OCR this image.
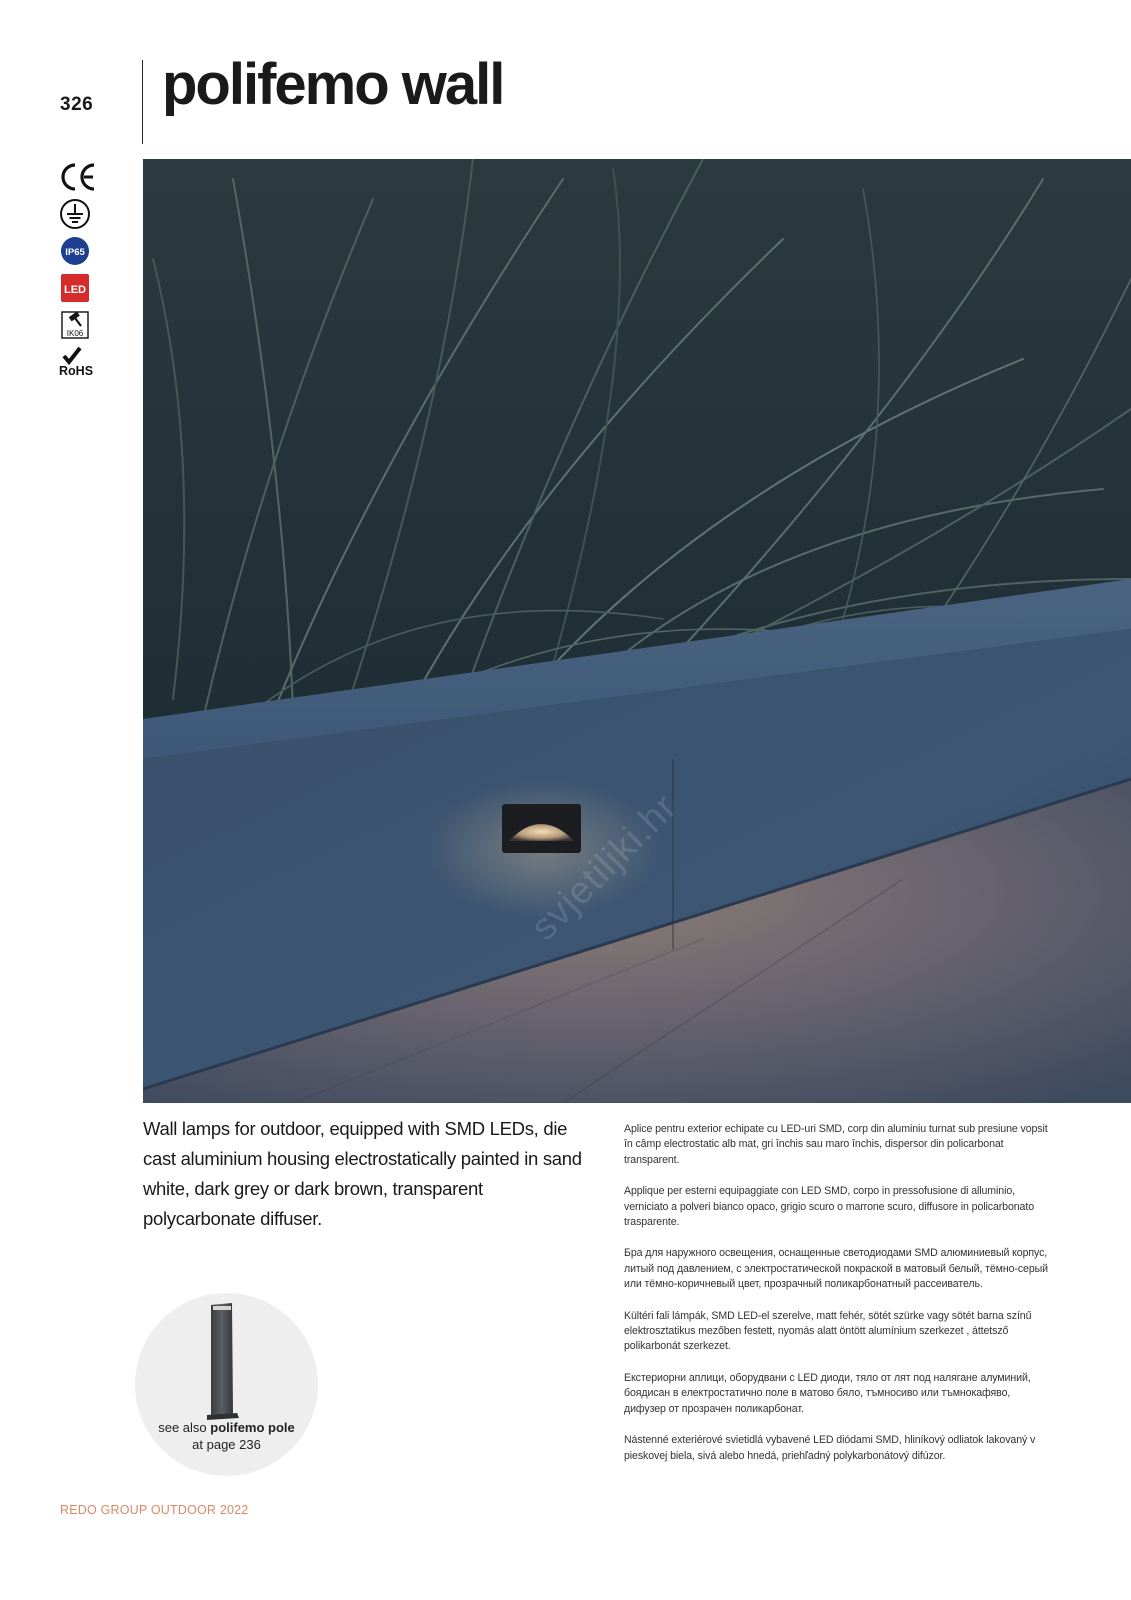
326 polifemo wall
IP65
LED
IK06
RoHS
svjetiljki.hr

Wall lamps for outdoor, equipped with SMD LEDs, die cast aluminium housing electrostatically painted in sand white, dark grey or dark brown, transparent polycarbonate diffuser.

Aplice pentru exterior echipate cu LED-uri SMD, corp din aluminiu turnat sub presiune vopsit în câmp electrostatic alb mat, gri închis sau maro închis, dispersor din policarbonat transparent.

Applique per esterni equipaggiate con LED SMD, corpo in pressofusione di alluminio, verniciato a polveri bianco opaco, grigio scuro o marrone scuro, diffusore in policarbonato trasparente.

Бра для наружного освещения, оснащенные светодиодами SMD алюминиевый корпус, литый под давлением, с электростатической покраской в матовый белый, тёмно-серый или тёмно-коричневый цвет, прозрачный поликарбонатный рассеиватель.

Kültéri fali lámpák, SMD LED-el szerelve, matt fehér, sötét szürke vagy sötét barna színű elektrosztatikus mezőben festett, nyomás alatt öntött alumínium szerkezet , áttetsző polikarbonát szerkezet.

Екстериорни аплици, оборудвани с LED диоди, тяло от лят под налягане алуминий, боядисан в електростатично поле в матово бяло, тъмносиво или тъмнокафяво, дифузер от прозрачен поликарбонат.

Nástenné exteriérové svietidlá vybavené LED diódami SMD, hliníkový odliatok lakovaný v pieskovej biela, sivá alebo hnedá, priehľadný polykarbonátový difúzor.

see also polifemo pole
at page 236
REDO GROUP OUTDOOR 2022
